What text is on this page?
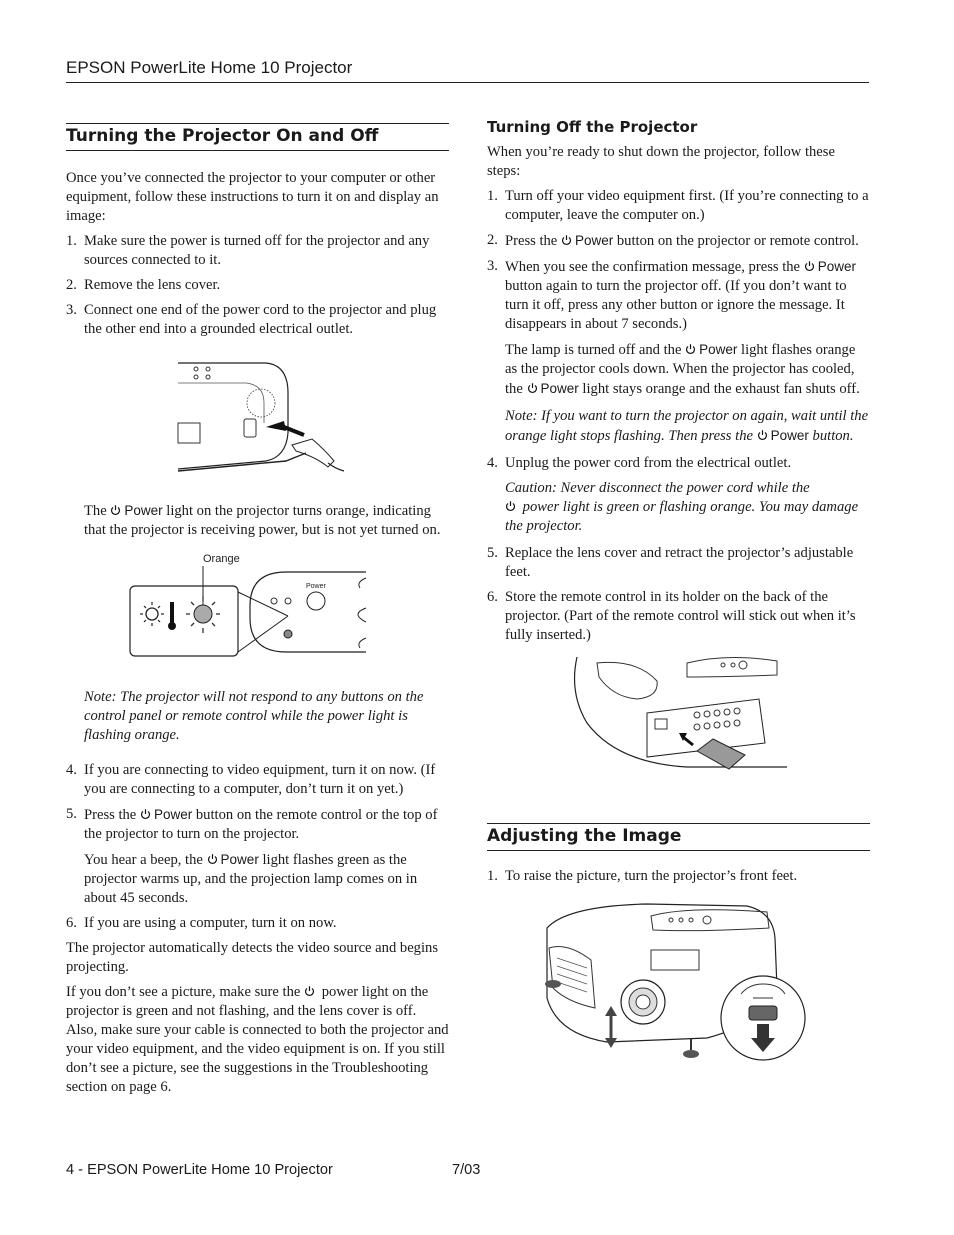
EPSON PowerLite Home 10 Projector
Turning the Projector On and Off

Once you’ve connected the projector to your computer or other equipment, follow these instructions to turn it on and display an image:

1. Make sure the power is turned off for the projector and any sources connected to it.
2. Remove the lens cover.
3. Connect one end of the power cord to the projector and plug the other end into a grounded electrical outlet.

The Power light on the projector turns orange, indicating that the projector is receiving power, but is not yet turned on.

Orange
Power

Note: The projector will not respond to any buttons on the control panel or remote control while the power light is flashing orange.

4. If you are connecting to video equipment, turn it on now. (If you are connecting to a computer, don’t turn it on yet.)
5. Press the Power button on the remote control or the top of the projector to turn on the projector.

You hear a beep, the Power light flashes green as the projector warms up, and the projection lamp comes on in about 45 seconds.

6. If you are using a computer, turn it on now.

The projector automatically detects the video source and begins projecting.

If you don’t see a picture, make sure the power light on the projector is green and not flashing, and the lens cover is off. Also, make sure your cable is connected to both the projector and your video equipment, and the video equipment is on. If you still don’t see a picture, see the suggestions in the Troubleshooting section on page 6.

Turning Off the Projector

When you’re ready to shut down the projector, follow these steps:

1. Turn off your video equipment first. (If you’re connecting to a computer, leave the computer on.)
2. Press the Power button on the projector or remote control.
3. When you see the confirmation message, press the Power button again to turn the projector off. (If you don’t want to turn it off, press any other button or ignore the message. It disappears in about 7 seconds.)

The lamp is turned off and the Power light flashes orange as the projector cools down. When the projector has cooled, the Power light stays orange and the exhaust fan shuts off.

Note: If you want to turn the projector on again, wait until the orange light stops flashing. Then press the Power button.

4. Unplug the power cord from the electrical outlet.

Caution: Never disconnect the power cord while the
power light is green or flashing orange. You may damage the projector.

5. Replace the lens cover and retract the projector’s adjustable feet.
6. Store the remote control in its holder on the back of the projector. (Part of the remote control will stick out when it’s fully inserted.)
Adjusting the Image
1. To raise the picture, turn the projector’s front feet.
4 - EPSON PowerLite Home 10 Projector	7/03
